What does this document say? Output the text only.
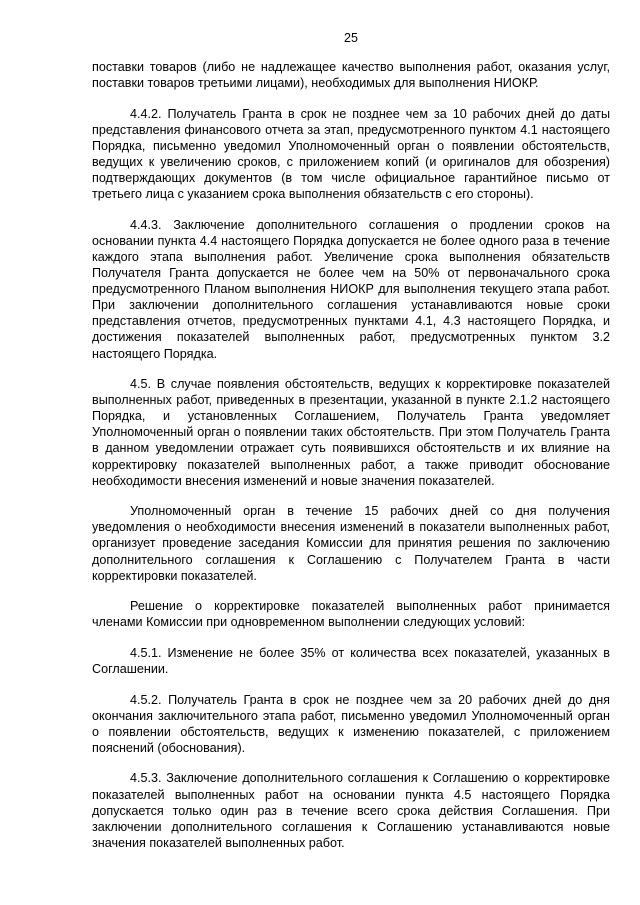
25
поставки товаров (либо не надлежащее качество выполнения работ, оказания услуг, поставки товаров третьими лицами), необходимых для выполнения НИОКР.
4.4.2. Получатель Гранта в срок не позднее чем за 10 рабочих дней до даты представления финансового отчета за этап, предусмотренного пунктом 4.1 настоящего Порядка, письменно уведомил Уполномоченный орган о появлении обстоятельств, ведущих к увеличению сроков, с приложением копий (и оригиналов для обозрения) подтверждающих документов (в том числе официальное гарантийное письмо от третьего лица с указанием срока выполнения обязательств с его стороны).
4.4.3. Заключение дополнительного соглашения о продлении сроков на основании пункта 4.4 настоящего Порядка допускается не более одного раза в течение каждого этапа выполнения работ. Увеличение срока выполнения обязательств Получателя Гранта допускается не более чем на 50% от первоначального срока предусмотренного Планом выполнения НИОКР для выполнения текущего этапа работ. При заключении дополнительного соглашения устанавливаются новые сроки представления отчетов, предусмотренных пунктами 4.1, 4.3 настоящего Порядка, и достижения показателей выполненных работ, предусмотренных пунктом 3.2 настоящего Порядка.
4.5. В случае появления обстоятельств, ведущих к корректировке показателей выполненных работ, приведенных в презентации, указанной в пункте 2.1.2 настоящего Порядка, и установленных Соглашением, Получатель Гранта уведомляет Уполномоченный орган о появлении таких обстоятельств. При этом Получатель Гранта в данном уведомлении отражает суть появившихся обстоятельств и их влияние на корректировку показателей выполненных работ, а также приводит обоснование необходимости внесения изменений и новые значения показателей.
Уполномоченный орган в течение 15 рабочих дней со дня получения уведомления о необходимости внесения изменений в показатели выполненных работ, организует проведение заседания Комиссии для принятия решения по заключению дополнительного соглашения к Соглашению с Получателем Гранта в части корректировки показателей.
Решение о корректировке показателей выполненных работ принимается членами Комиссии при одновременном выполнении следующих условий:
4.5.1. Изменение не более 35% от количества всех показателей, указанных в Соглашении.
4.5.2. Получатель Гранта в срок не позднее чем за 20 рабочих дней до дня окончания заключительного этапа работ, письменно уведомил Уполномоченный орган о появлении обстоятельств, ведущих к изменению показателей, с приложением пояснений (обоснования).
4.5.3. Заключение дополнительного соглашения к Соглашению о корректировке показателей выполненных работ на основании пункта 4.5 настоящего Порядка допускается только один раз в течение всего срока действия Соглашения. При заключении дополнительного соглашения к Соглашению устанавливаются новые значения показателей выполненных работ.
